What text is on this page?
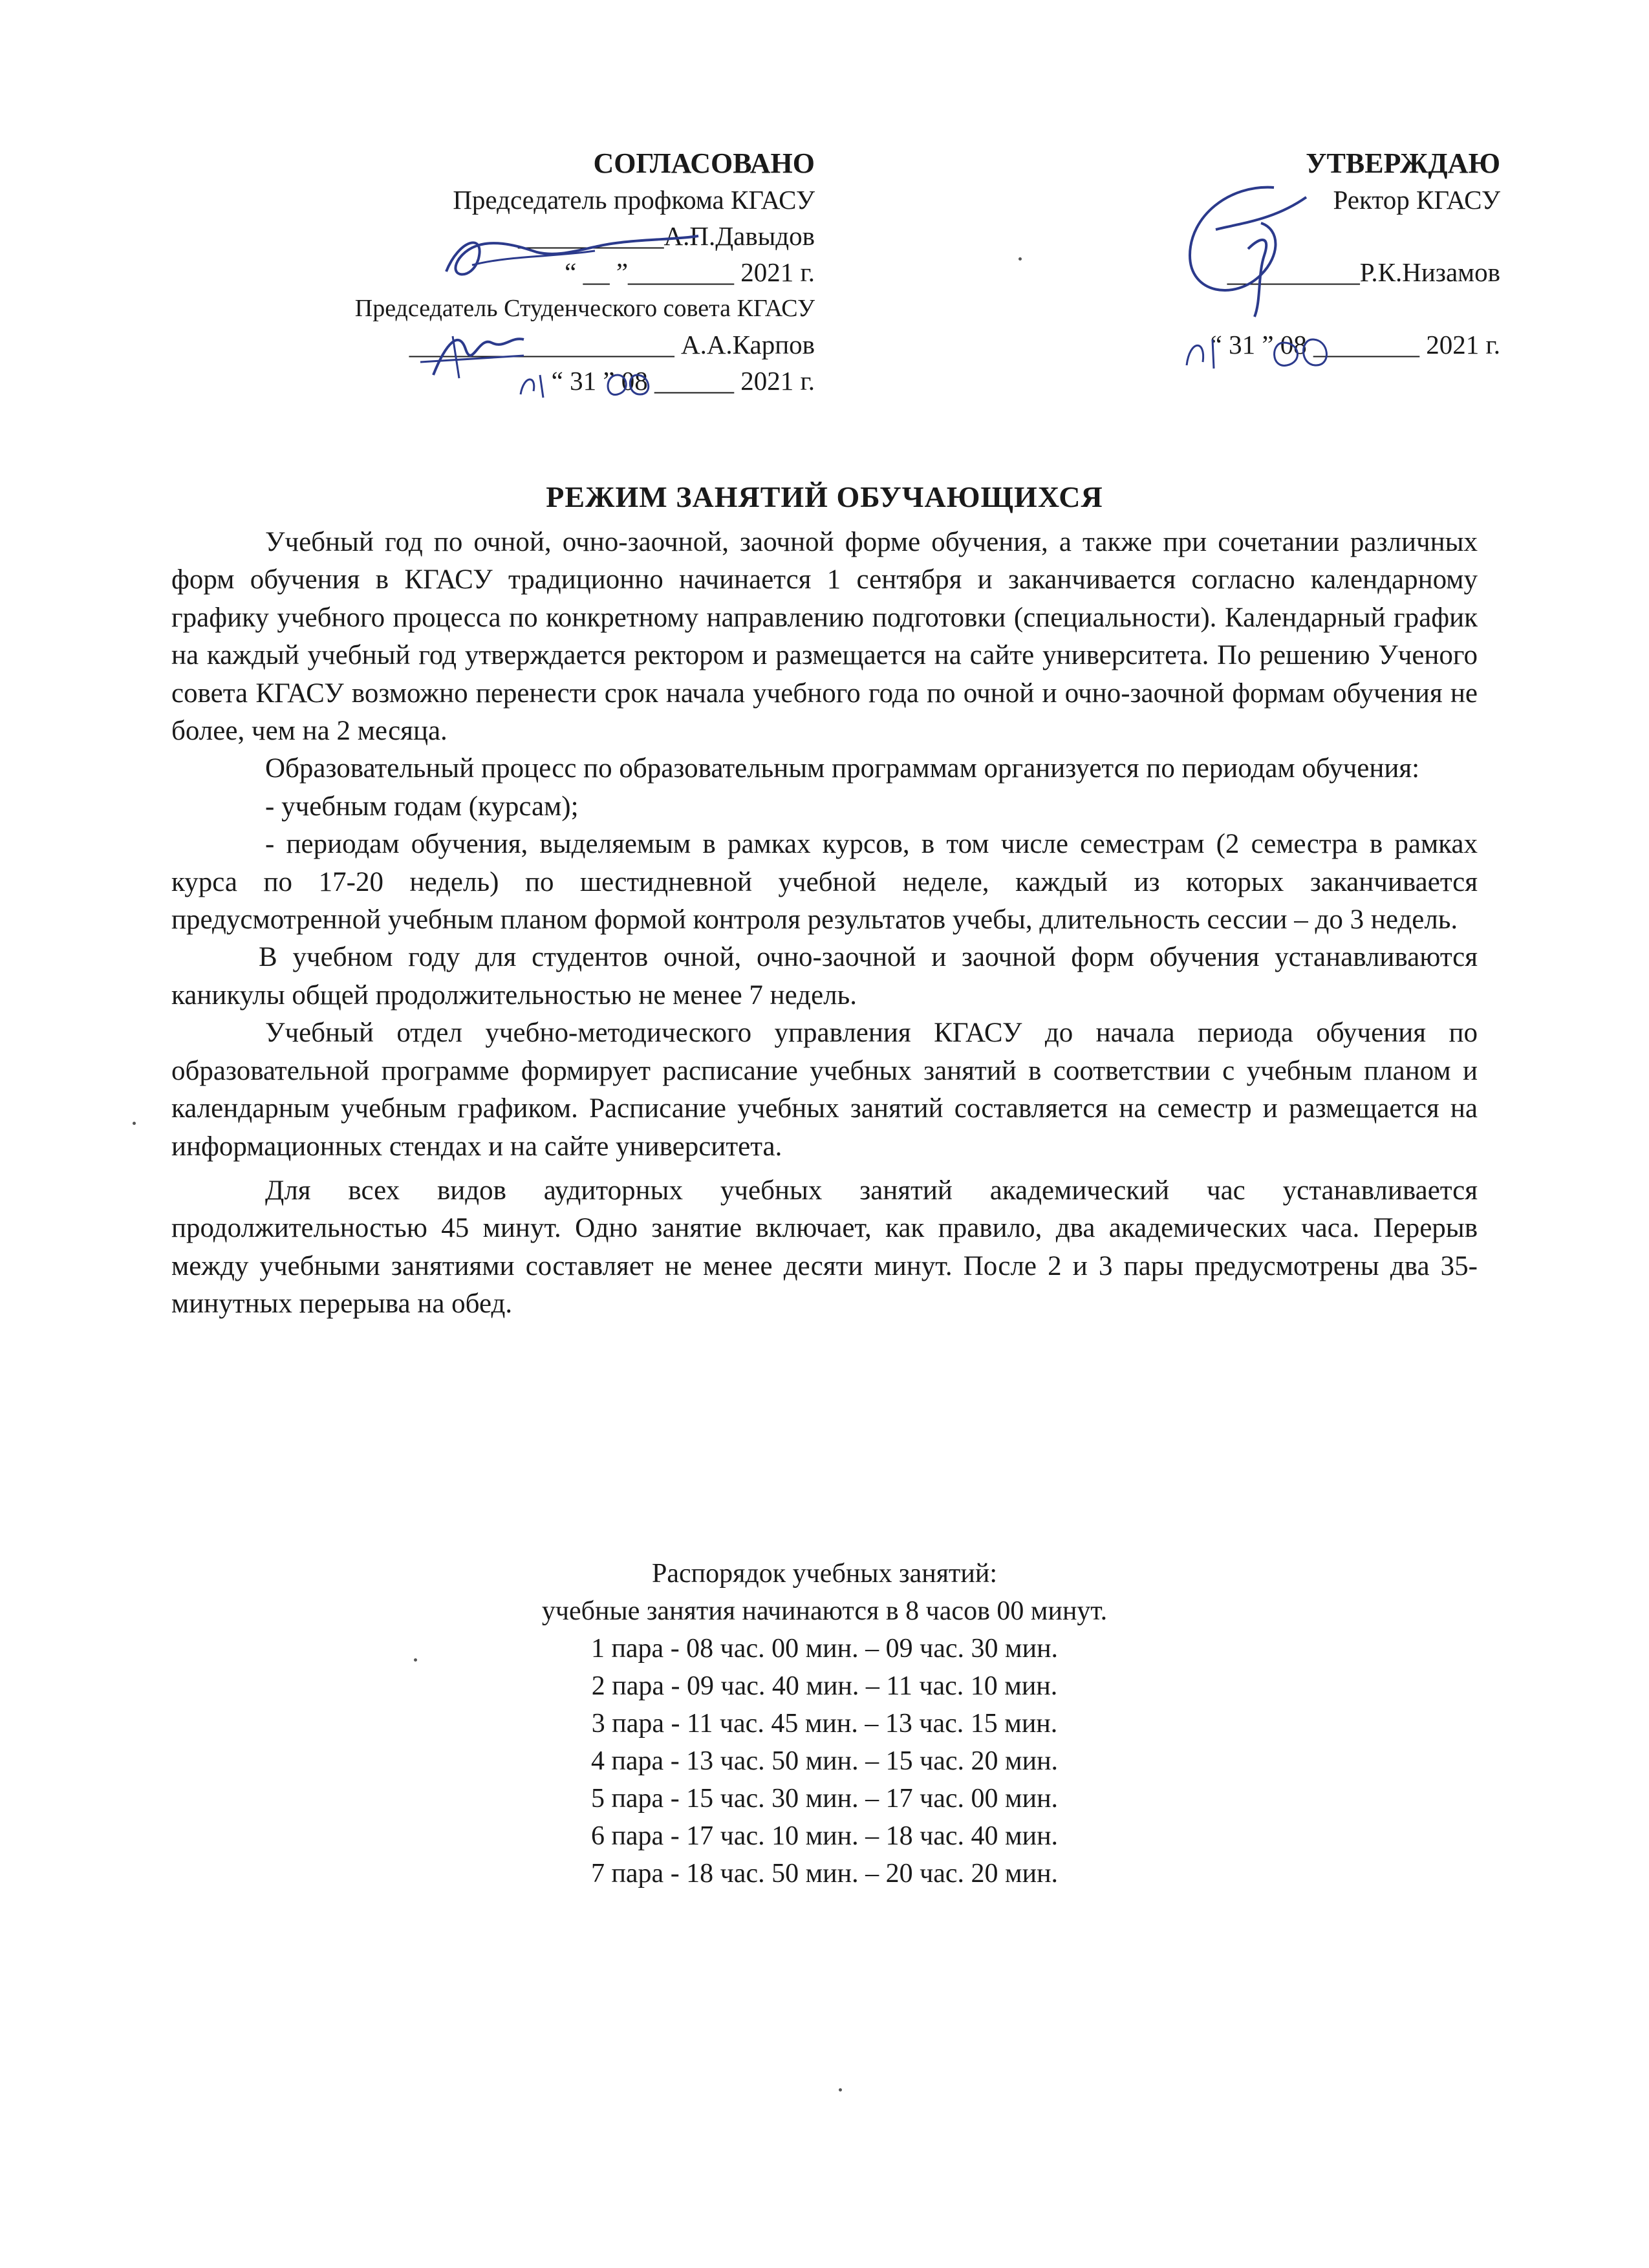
СОГЛАСОВАНО
Председатель профкома КГАСУ
___________А.П.Давыдов
“ __ ”________ 2021 г.
Председатель Студенческого совета КГАСУ
____________________ А.А.Карпов
“ 31 ” 08 ______ 2021 г.
УТВЕРЖДАЮ
Ректор КГАСУ
__________Р.К.Низамов
“ 31 ” 08 ________ 2021 г.
РЕЖИМ ЗАНЯТИЙ ОБУЧАЮЩИХСЯ

Учебный год по очной, очно-заочной, заочной форме обучения, а также при сочетании различных форм обучения в КГАСУ традиционно начинается 1 сентября и заканчивается согласно календарному графику учебного процесса по конкретному направлению подготовки (специальности). Календарный график на каждый учебный год утверждается ректором и размещается на сайте университета. По решению Ученого совета КГАСУ возможно перенести срок начала учебного года по очной и очно-заочной формам обучения не более, чем на 2 месяца.

Образовательный процесс по образовательным программам организуется по периодам обучения:

- учебным годам (курсам);

- периодам обучения, выделяемым в рамках курсов, в том числе семестрам (2 семестра в рамках курса по 17-20 недель) по шестидневной учебной неделе, каждый из которых заканчивается предусмотренной учебным планом формой контроля результатов учебы, длительность сессии – до 3 недель.

В учебном году для студентов очной, очно-заочной и заочной форм обучения устанавливаются каникулы общей продолжительностью не менее 7 недель.

Учебный отдел учебно-методического управления КГАСУ до начала периода обучения по образовательной программе формирует расписание учебных занятий в соответствии с учебным планом и календарным учебным графиком. Расписание учебных занятий составляется на семестр и размещается на информационных стендах и на сайте университета.

Для всех видов аудиторных учебных занятий академический час устанавливается продолжительностью 45 минут. Одно занятие включает, как правило, два академических часа. Перерыв между учебными занятиями составляет не менее десяти минут. После 2 и 3 пары предусмотрены два 35-минутных перерыва на обед.

Распорядок учебных занятий:
учебные занятия начинаются в 8 часов 00 минут.
1 пара - 08 час. 00 мин. – 09 час. 30 мин.
2 пара - 09 час. 40 мин. – 11 час. 10 мин.
3 пара - 11 час. 45 мин. – 13 час. 15 мин.
4 пара - 13 час. 50 мин. – 15 час. 20 мин.
5 пара - 15 час. 30 мин. – 17 час. 00 мин.
6 пара - 17 час. 10 мин. – 18 час. 40 мин.
7 пара - 18 час. 50 мин. – 20 час. 20 мин.
